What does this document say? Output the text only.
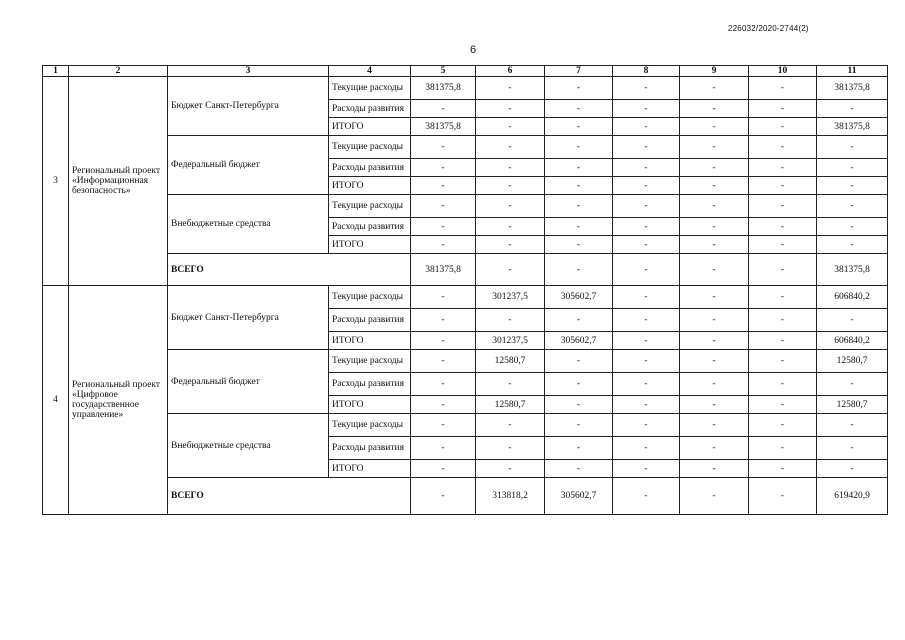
226032/2020-2744(2)
6
1	2	3	4	5	6	7	8	9	10	11
3	Региональный проект «Информационная безопасность»	Бюджет Санкт-Петербурга	Текущие расходы	381375,8	-	-	-	-	-	381375,8
			Расходы развития	-	-	-	-	-	-	-
			ИТОГО	381375,8	-	-	-	-	-	381375,8
		Федеральный бюджет	Текущие расходы	-	-	-	-	-	-	-
			Расходы развития	-	-	-	-	-	-	-
			ИТОГО	-	-	-	-	-	-	-
		Внебюджетные средства	Текущие расходы	-	-	-	-	-	-	-
			Расходы развития	-	-	-	-	-	-	-
			ИТОГО	-	-	-	-	-	-	-
		ВСЕГО		381375,8	-	-	-	-	-	381375,8
4	Региональный проект «Цифровое государственное управление»	Бюджет Санкт-Петербурга	Текущие расходы	-	301237,5	305602,7	-	-	-	606840,2
			Расходы развития	-	-	-	-	-	-	-
			ИТОГО	-	301237,5	305602,7	-	-	-	606840,2
		Федеральный бюджет	Текущие расходы	-	12580,7	-	-	-	-	12580,7
			Расходы развития	-	-	-	-	-	-	-
			ИТОГО	-	12580,7	-	-	-	-	12580,7
		Внебюджетные средства	Текущие расходы	-	-	-	-	-	-	-
			Расходы развития	-	-	-	-	-	-	-
			ИТОГО	-	-	-	-	-	-	-
		ВСЕГО		-	313818,2	305602,7	-	-	-	619420,9
